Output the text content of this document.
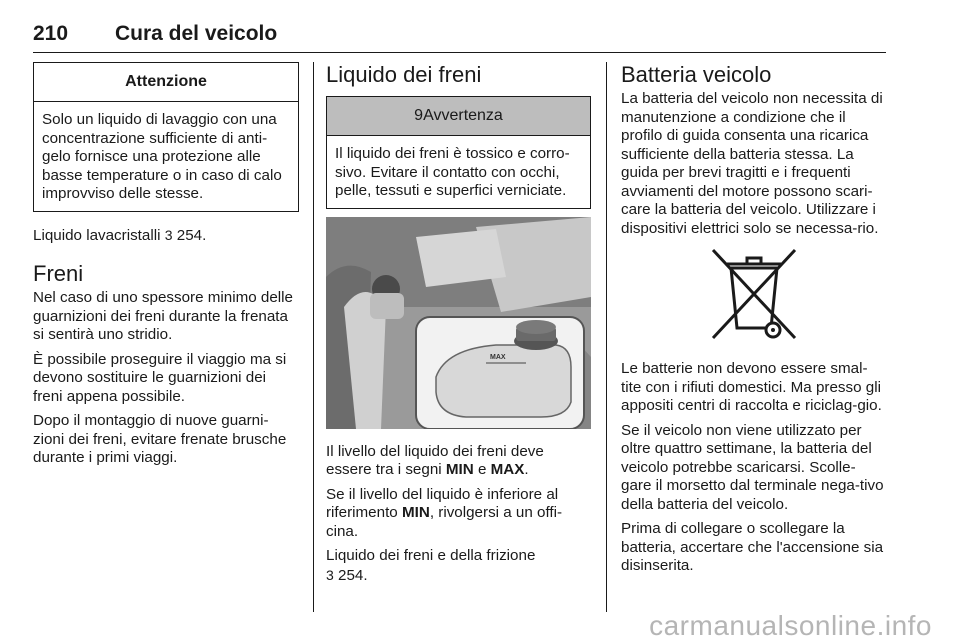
210 Cura del veicolo
Attenzione
Solo un liquido di lavaggio con una concentrazione sufficiente di anti-gelo fornisce una protezione alle basse temperature o in caso di calo improvviso delle stesse.

Liquido lavacristalli 3 254.

Freni

Nel caso di uno spessore minimo delle guarnizioni dei freni durante la frenata si sentirà uno stridio.

È possibile proseguire il viaggio ma si devono sostituire le guarnizioni dei freni appena possibile.

Dopo il montaggio di nuove guarni-zioni dei freni, evitare frenate brusche durante i primi viaggi.

Liquido dei freni
9Avvertenza
Il liquido dei freni è tossico e corro-sivo. Evitare il contatto con occhi, pelle, tessuti e superfici verniciate.
MAX

Il livello del liquido dei freni deve essere tra i segni MIN e MAX.

Se il livello del liquido è inferiore al riferimento MIN, rivolgersi a un offi-cina.

Liquido dei freni e della frizione
3 254.

Batteria veicolo

La batteria del veicolo non necessita di manutenzione a condizione che il profilo di guida consenta una ricarica sufficiente della batteria stessa. La guida per brevi tragitti e i frequenti avviamenti del motore possono scari-care la batteria del veicolo. Utilizzare i dispositivi elettrici solo se necessa-rio.

Le batterie non devono essere smal-tite con i rifiuti domestici. Ma presso gli appositi centri di raccolta e riciclag-gio.

Se il veicolo non viene utilizzato per oltre quattro settimane, la batteria del veicolo potrebbe scaricarsi. Scolle-gare il morsetto dal terminale nega-tivo della batteria del veicolo.

Prima di collegare o scollegare la batteria, accertare che l'accensione sia disinserita.

carmanualsonline.info
